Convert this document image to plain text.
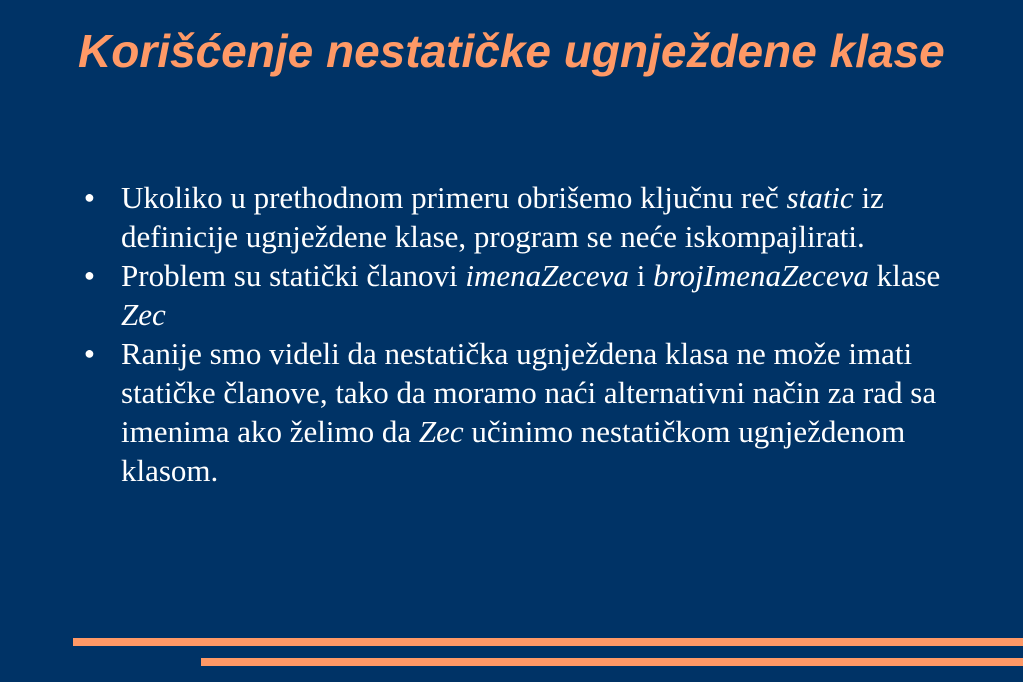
Korišćenje nestatičke ugnježdene klase
● Ukoliko u prethodnom primeru obrišemo ključnu reč static iz definicije ugnježdene klase, program se neće iskompajlirati.
● Problem su statički članovi imenaZeceva i brojImenaZeceva klase Zec
● Ranije smo videli da nestatička ugnježdena klasa ne može imati statičke članove, tako da moramo naći alternativni način za rad sa imenima ako želimo da Zec učinimo nestatičkom ugnježdenom klasom.
